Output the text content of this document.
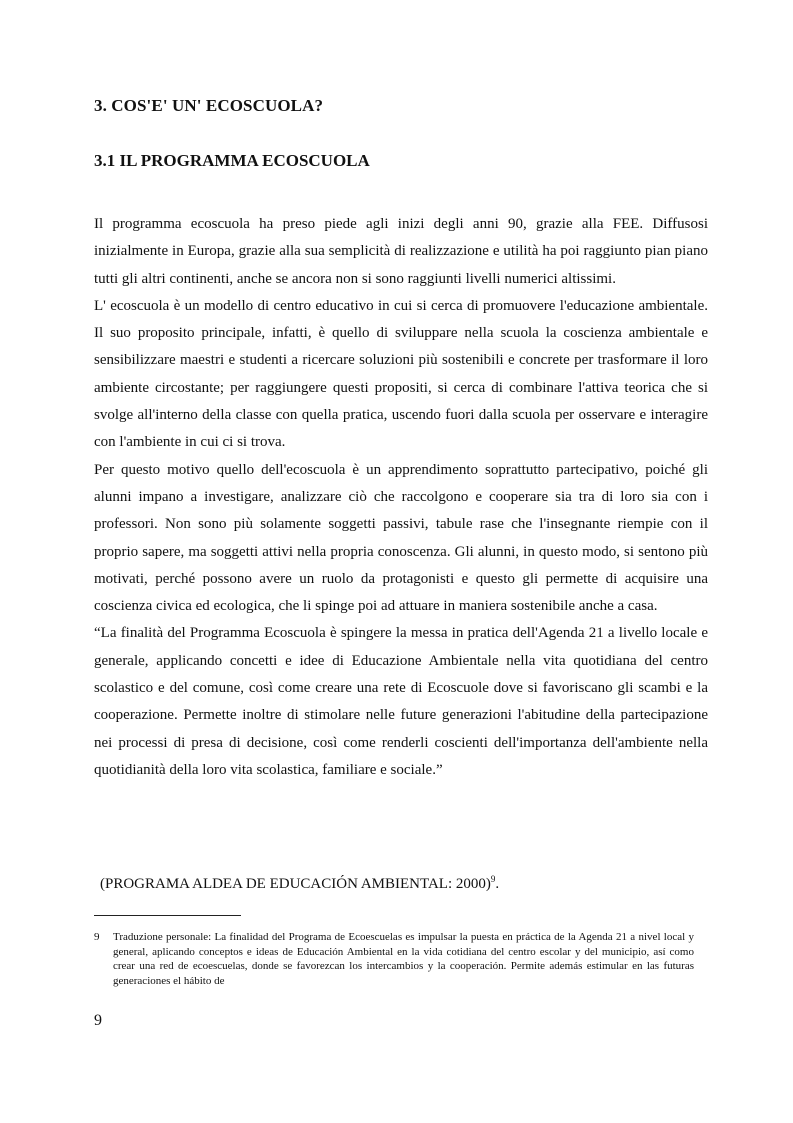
3. COS'E' UN' ECOSCUOLA?
3.1 IL PROGRAMMA ECOSCUOLA

Il programma ecoscuola ha preso piede agli inizi degli anni 90, grazie alla FEE. Diffusosi inizialmente in Europa, grazie alla sua semplicità di realizzazione e utilità ha poi raggiunto pian piano tutti gli altri continenti, anche se ancora non si sono raggiunti livelli numerici altissimi.

L' ecoscuola è un modello di centro educativo in cui si cerca di promuovere l'educazione ambientale. Il suo proposito principale, infatti, è quello di sviluppare nella scuola la coscienza ambientale e sensibilizzare maestri e studenti a ricercare soluzioni più sostenibili e concrete per trasformare il loro ambiente circostante; per raggiungere questi propositi, si cerca di combinare l'attiva teorica che si svolge all'interno della classe con quella pratica, uscendo fuori dalla scuola per osservare e interagire con l'ambiente in cui ci si trova.

Per questo motivo quello dell'ecoscuola è un apprendimento soprattutto partecipativo, poiché gli alunni impano a investigare, analizzare ciò che raccolgono e cooperare sia tra di loro sia con i professori. Non sono più solamente soggetti passivi, tabule rase che l'insegnante riempie con il proprio sapere, ma soggetti attivi nella propria conoscenza. Gli alunni, in questo modo, si sentono più motivati, perché possono avere un ruolo da protagonisti e questo gli permette di acquisire una coscienza civica ed ecologica, che li spinge poi ad attuare in maniera sostenibile anche a casa.

“La finalità del Programma Ecoscuola è spingere la messa in pratica dell'Agenda 21 a livello locale e generale, applicando concetti e idee di Educazione Ambientale nella vita quotidiana del centro scolastico e del comune, così come creare una rete di Ecoscuole dove si favoriscano gli scambi e la cooperazione. Permette inoltre di stimolare nelle future generazioni l'abitudine della partecipazione nei processi di presa di decisione, così come renderli coscienti dell'importanza dell'ambiente nella quotidianità della loro vita scolastica, familiare e sociale.”

(PROGRAMA ALDEA DE EDUCACIÓN AMBIENTAL: 2000)$^9$.
9	Traduzione personale: La finalidad del Programa de Ecoescuelas es impulsar la puesta en práctica de la Agenda 21 a nivel local y general, aplicando conceptos e ideas de Educación Ambiental en la vida cotidiana del centro escolar y del municipio, así como crear una red de ecoescuelas, donde se favorezcan los intercambios y la cooperación. Permite además estimular en las futuras generaciones el hábito de
9
